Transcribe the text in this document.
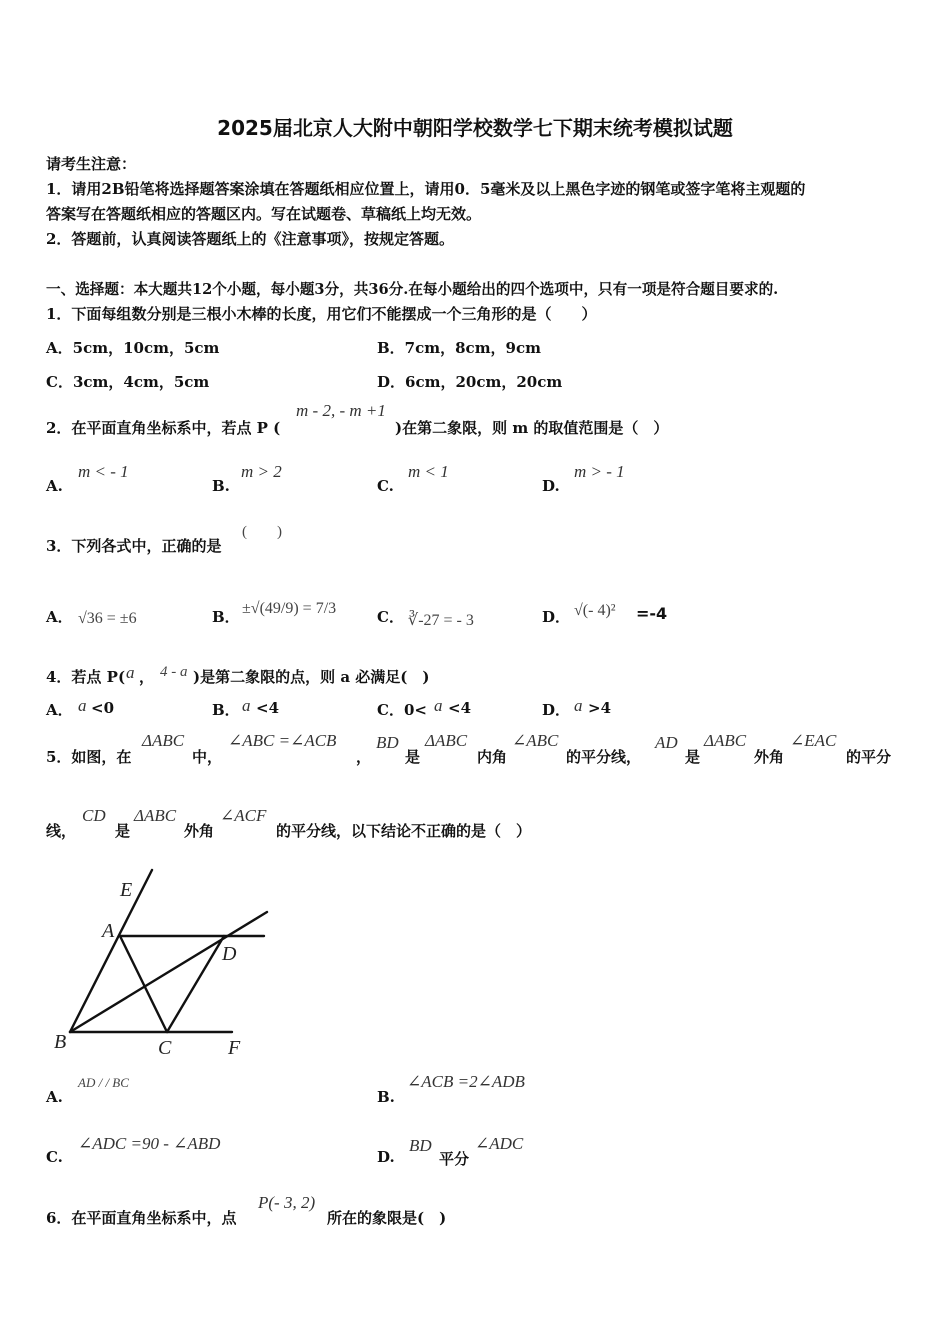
2025届北京人大附中朝阳学校数学七下期末统考模拟试题
请考生注意：
1．请用2B铅笔将选择题答案涂填在答题纸相应位置上，请用0．5毫米及以上黑色字迹的钢笔或签字笔将主观题的
答案写在答题纸相应的答题区内。写在试题卷、草稿纸上均无效。
2．答题前，认真阅读答题纸上的《注意事项》，按规定答题。
一、选择题：本大题共12个小题，每小题3分，共36分.在每小题给出的四个选项中，只有一项是符合题目要求的.
1．下面每组数分别是三根小木棒的长度，用它们不能摆成一个三角形的是（　　）
A．5cm，10cm，5cm	B．7cm，8cm，9cm
C．3cm，4cm，5cm	D．6cm，20cm，20cm
2．在平面直角坐标系中，若点 P (
m - 2, - m +1
)在第二象限，则 m 的取值范围是（　）
A.
m < - 1
B.
m > 2
C.
m < 1
D.
m > - 1
3．下列各式中，正确的是
(　　)
A． √36 = ±6	B． ±√(49/9) = 7/3	C． ∛-27 = - 3	D． √(- 4)² =-4
4．若点 P( a ， 4 - a )是第二象限的点，则 a 必满足(　)
A． a <0	B． a <4	C．0< a <4	D． a >4
5．如图，在
ΔABC
中，
∠ABC =∠ACB
，
BD
是
ΔABC
内角
∠ABC
的平分线，
AD
是
ΔABC
外角
∠EAC
的平分
线，
CD
是
ΔABC
外角
∠ACF
的平分线，以下结论不正确的是（　）
E
A
D
B	C	F
A.
AD / / BC
B.
∠ACB =2∠ADB
C.
∠ADC =90 - ∠ABD
D.
BD
平分
∠ADC
6．在平面直角坐标系中，点
P(- 3, 2)
所在的象限是(　)
